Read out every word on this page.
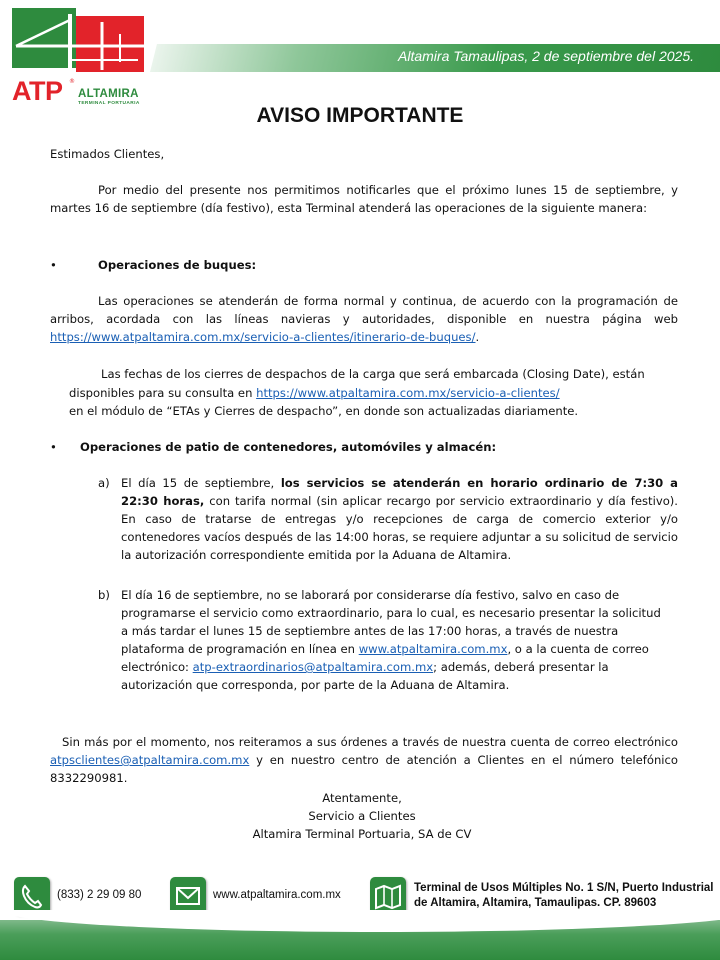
ATP ®
ALTAMIRA
TERMINAL PORTUARIA
Altamira Tamaulipas, 2 de septiembre del 2025.
AVISO IMPORTANTE
Estimados Clientes,
Por medio del presente nos permitimos notificarles que el próximo lunes 15 de septiembre, y martes 16 de septiembre (día festivo), esta Terminal atenderá las operaciones de la siguiente manera:
•	Operaciones de buques:
Las operaciones se atenderán de forma normal y continua, de acuerdo con la programación de arribos, acordada con las líneas navieras y autoridades, disponible en nuestra página web https://www.atpaltamira.com.mx/servicio-a-clientes/itinerario-de-buques/.
Las fechas de los cierres de despachos de la carga que será embarcada (Closing Date), están
disponibles para su consulta en https://www.atpaltamira.com.mx/servicio-a-clientes/
en el módulo de “ETAs y Cierres de despacho”, en donde son actualizadas diariamente.
• Operaciones de patio de contenedores, automóviles y almacén:
a) El día 15 de septiembre, los servicios se atenderán en horario ordinario de 7:30 a 22:30 horas, con tarifa normal (sin aplicar recargo por servicio extraordinario y día festivo). En caso de tratarse de entregas y/o recepciones de carga de comercio exterior y/o contenedores vacíos después de las 14:00 horas, se requiere adjuntar a su solicitud de servicio la autorización correspondiente emitida por la Aduana de Altamira.
b) El día 16 de septiembre, no se laborará por considerarse día festivo, salvo en caso de programarse el servicio como extraordinario, para lo cual, es necesario presentar la solicitud a más tardar el lunes 15 de septiembre antes de las 17:00 horas, a través de nuestra plataforma de programación en línea en www.atpaltamira.com.mx, o a la cuenta de correo electrónico: atp-extraordinarios@atpaltamira.com.mx; además, deberá presentar la autorización que corresponda, por parte de la Aduana de Altamira.
Sin más por el momento, nos reiteramos a sus órdenes a través de nuestra cuenta de correo electrónico atpsclientes@atpaltamira.com.mx y en nuestro centro de atención a Clientes en el número telefónico 8332290981.
Atentamente,
Servicio a Clientes
Altamira Terminal Portuaria, SA de CV
(833) 2 29 09 80	www.atpaltamira.com.mx
Terminal de Usos Múltiples No. 1 S/N, Puerto Industrial
de Altamira, Altamira, Tamaulipas. CP. 89603
